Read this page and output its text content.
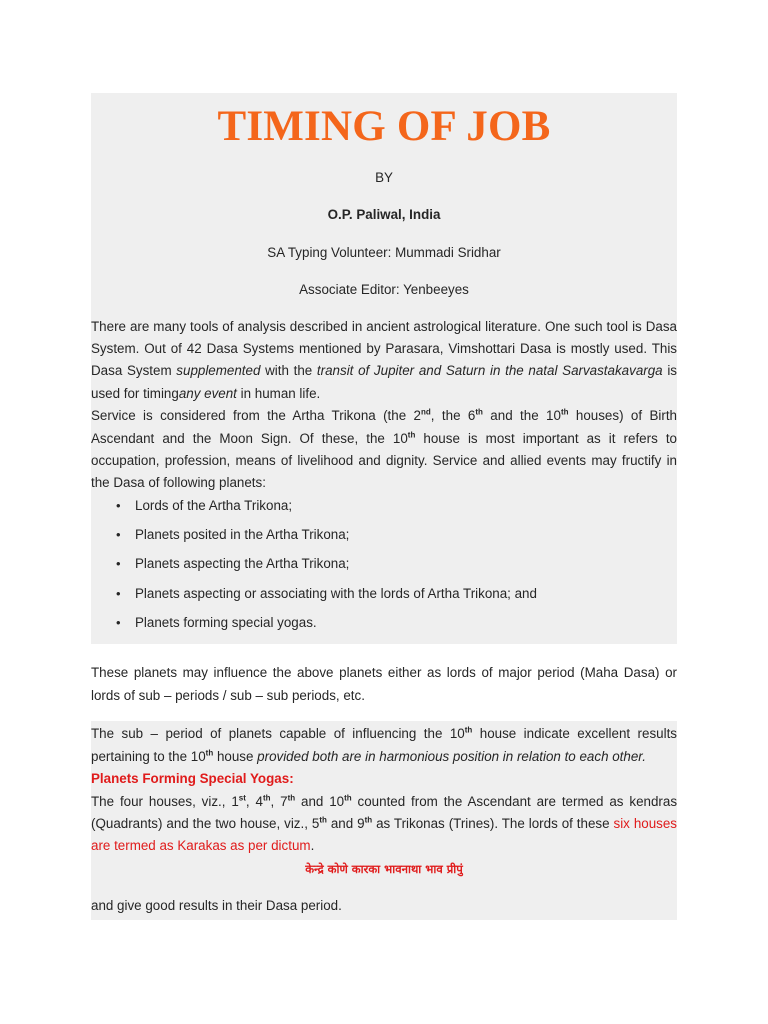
TIMING OF JOB

BY

O.P. Paliwal, India

SA Typing Volunteer: Mummadi Sridhar

Associate Editor: Yenbeeyes

There are many tools of analysis described in ancient astrological literature. One such tool is Dasa System. Out of 42 Dasa Systems mentioned by Parasara, Vimshottari Dasa is mostly used. This Dasa System supplemented with the transit of Jupiter and Saturn in the natal Sarvastakavarga is used for timingany event in human life.

Service is considered from the Artha Trikona (the 2nd, the 6th and the 10th houses) of Birth Ascendant and the Moon Sign. Of these, the 10th house is most important as it refers to occupation, profession, means of livelihood and dignity. Service and allied events may fructify in the Dasa of following planets:

• Lords of the Artha Trikona;
• Planets posited in the Artha Trikona;
• Planets aspecting the Artha Trikona;
• Planets aspecting or associating with the lords of Artha Trikona; and
• Planets forming special yogas.

These planets may influence the above planets either as lords of major period (Maha Dasa) or lords of sub – periods / sub – sub periods, etc.

The sub – period of planets capable of influencing the 10th house indicate excellent results pertaining to the 10th house provided both are in harmonious position in relation to each other.

Planets Forming Special Yogas:

The four houses, viz., 1st, 4th, 7th and 10th counted from the Ascendant are termed as kendras (Quadrants) and the two house, viz., 5th and 9th as Trikonas (Trines). The lords of these six houses are termed as Karakas as per dictum.

केन्द्रे कोणे कारका भावनाथा भाव प्रीपुं

and give good results in their Dasa period.
